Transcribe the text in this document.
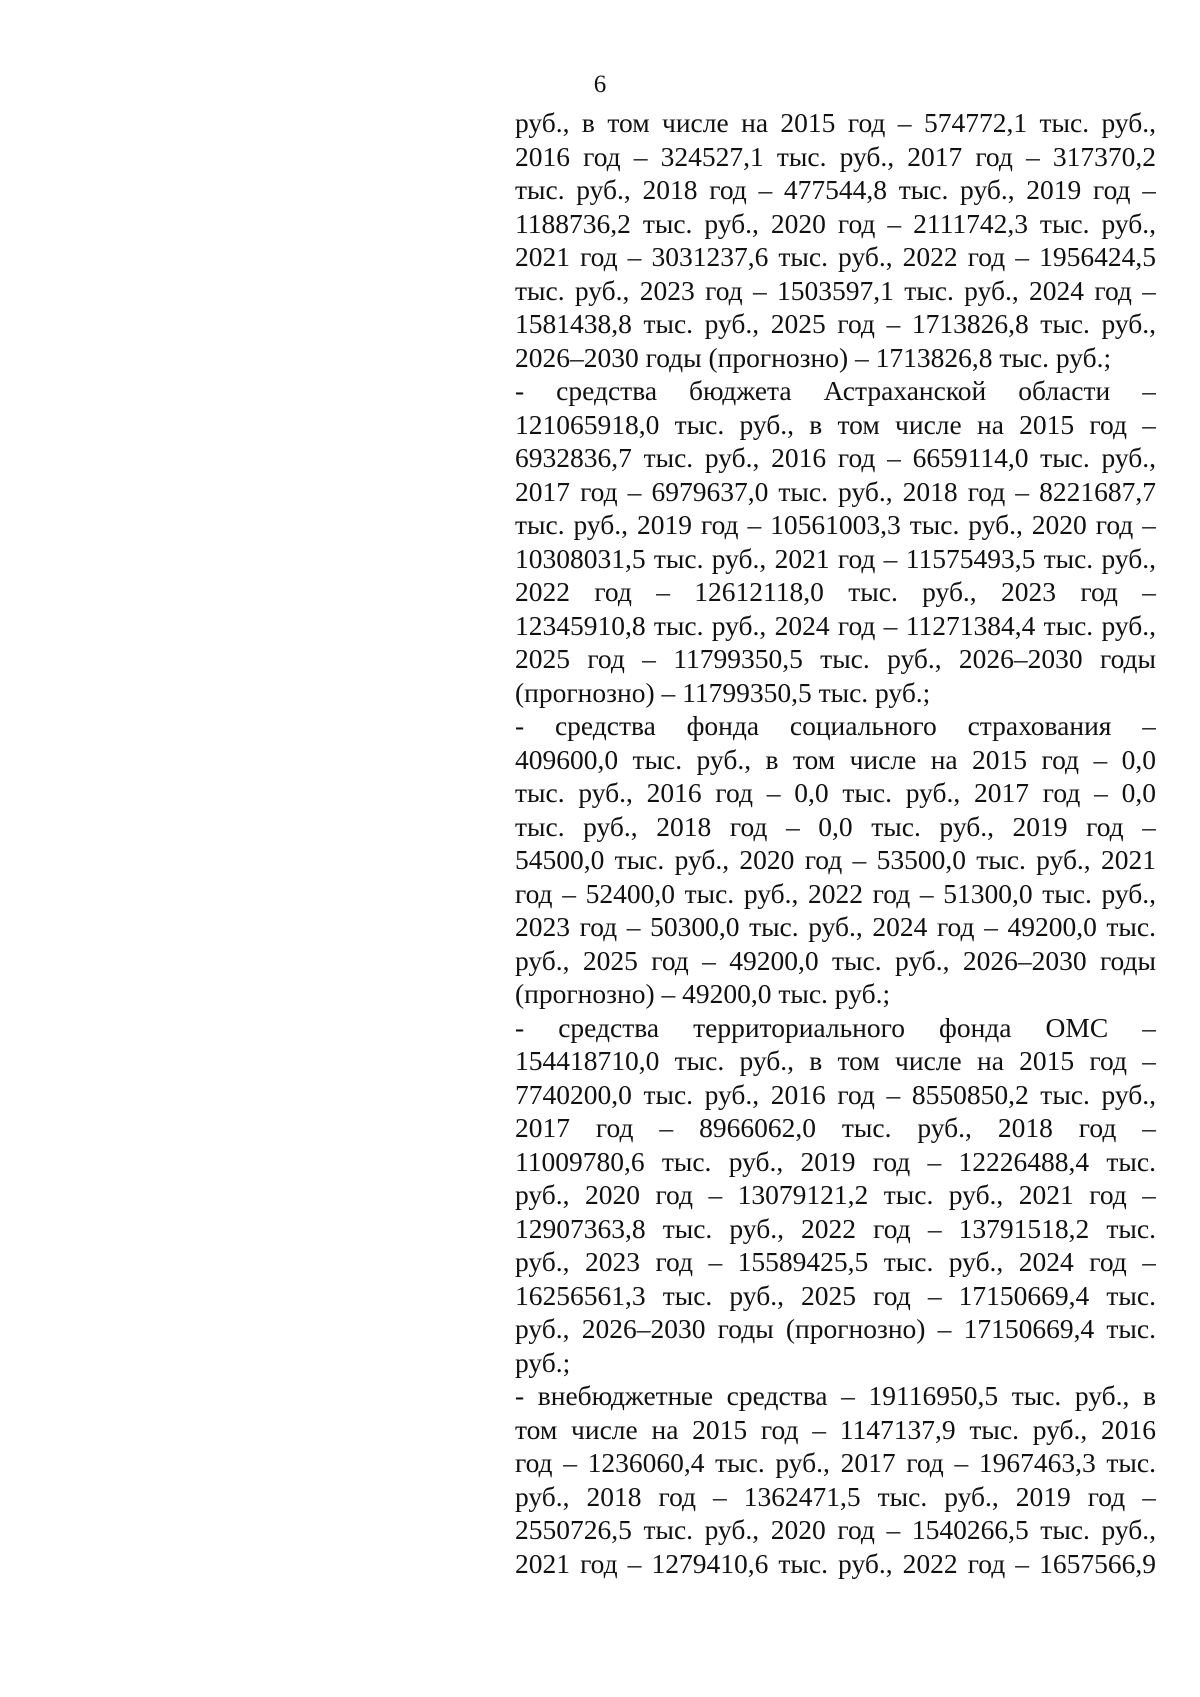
6
руб., в том числе на 2015 год – 574772,1 тыс. руб.,
2016 год – 324527,1 тыс. руб., 2017 год – 317370,2
тыс. руб., 2018 год – 477544,8 тыс. руб., 2019 год –
1188736,2 тыс. руб., 2020 год – 2111742,3 тыс. руб.,
2021 год – 3031237,6 тыс. руб., 2022 год – 1956424,5
тыс. руб., 2023 год – 1503597,1 тыс. руб., 2024 год –
1581438,8 тыс. руб., 2025 год – 1713826,8 тыс. руб.,
2026–2030 годы (прогнозно) – 1713826,8 тыс. руб.;
- средства бюджета Астраханской области –
121065918,0 тыс. руб., в том числе на 2015 год –
6932836,7 тыс. руб., 2016 год – 6659114,0 тыс. руб.,
2017 год – 6979637,0 тыс. руб., 2018 год – 8221687,7
тыс. руб., 2019 год – 10561003,3 тыс. руб., 2020 год –
10308031,5 тыс. руб., 2021 год – 11575493,5 тыс. руб.,
2022 год – 12612118,0 тыс. руб., 2023 год –
12345910,8 тыс. руб., 2024 год – 11271384,4 тыс. руб.,
2025 год – 11799350,5 тыс. руб., 2026–2030 годы
(прогнозно) – 11799350,5 тыс. руб.;
- средства фонда социального страхования –
409600,0 тыс. руб., в том числе на 2015 год – 0,0
тыс. руб., 2016 год – 0,0 тыс. руб., 2017 год – 0,0
тыс. руб., 2018 год – 0,0 тыс. руб., 2019 год –
54500,0 тыс. руб., 2020 год – 53500,0 тыс. руб., 2021
год – 52400,0 тыс. руб., 2022 год – 51300,0 тыс. руб.,
2023 год – 50300,0 тыс. руб., 2024 год – 49200,0 тыс.
руб., 2025 год – 49200,0 тыс. руб., 2026–2030 годы
(прогнозно) – 49200,0 тыс. руб.;
- средства территориального фонда ОМС –
154418710,0 тыс. руб., в том числе на 2015 год –
7740200,0 тыс. руб., 2016 год – 8550850,2 тыс. руб.,
2017 год – 8966062,0 тыс. руб., 2018 год –
11009780,6 тыс. руб., 2019 год – 12226488,4 тыс.
руб., 2020 год – 13079121,2 тыс. руб., 2021 год –
12907363,8 тыс. руб., 2022 год – 13791518,2 тыс.
руб., 2023 год – 15589425,5 тыс. руб., 2024 год –
16256561,3 тыс. руб., 2025 год – 17150669,4 тыс.
руб., 2026–2030 годы (прогнозно) – 17150669,4 тыс.
руб.;
- внебюджетные средства – 19116950,5 тыс. руб., в
том числе на 2015 год – 1147137,9 тыс. руб., 2016
год – 1236060,4 тыс. руб., 2017 год – 1967463,3 тыс.
руб., 2018 год – 1362471,5 тыс. руб., 2019 год –
2550726,5 тыс. руб., 2020 год – 1540266,5 тыс. руб.,
2021 год – 1279410,6 тыс. руб., 2022 год – 1657566,9
